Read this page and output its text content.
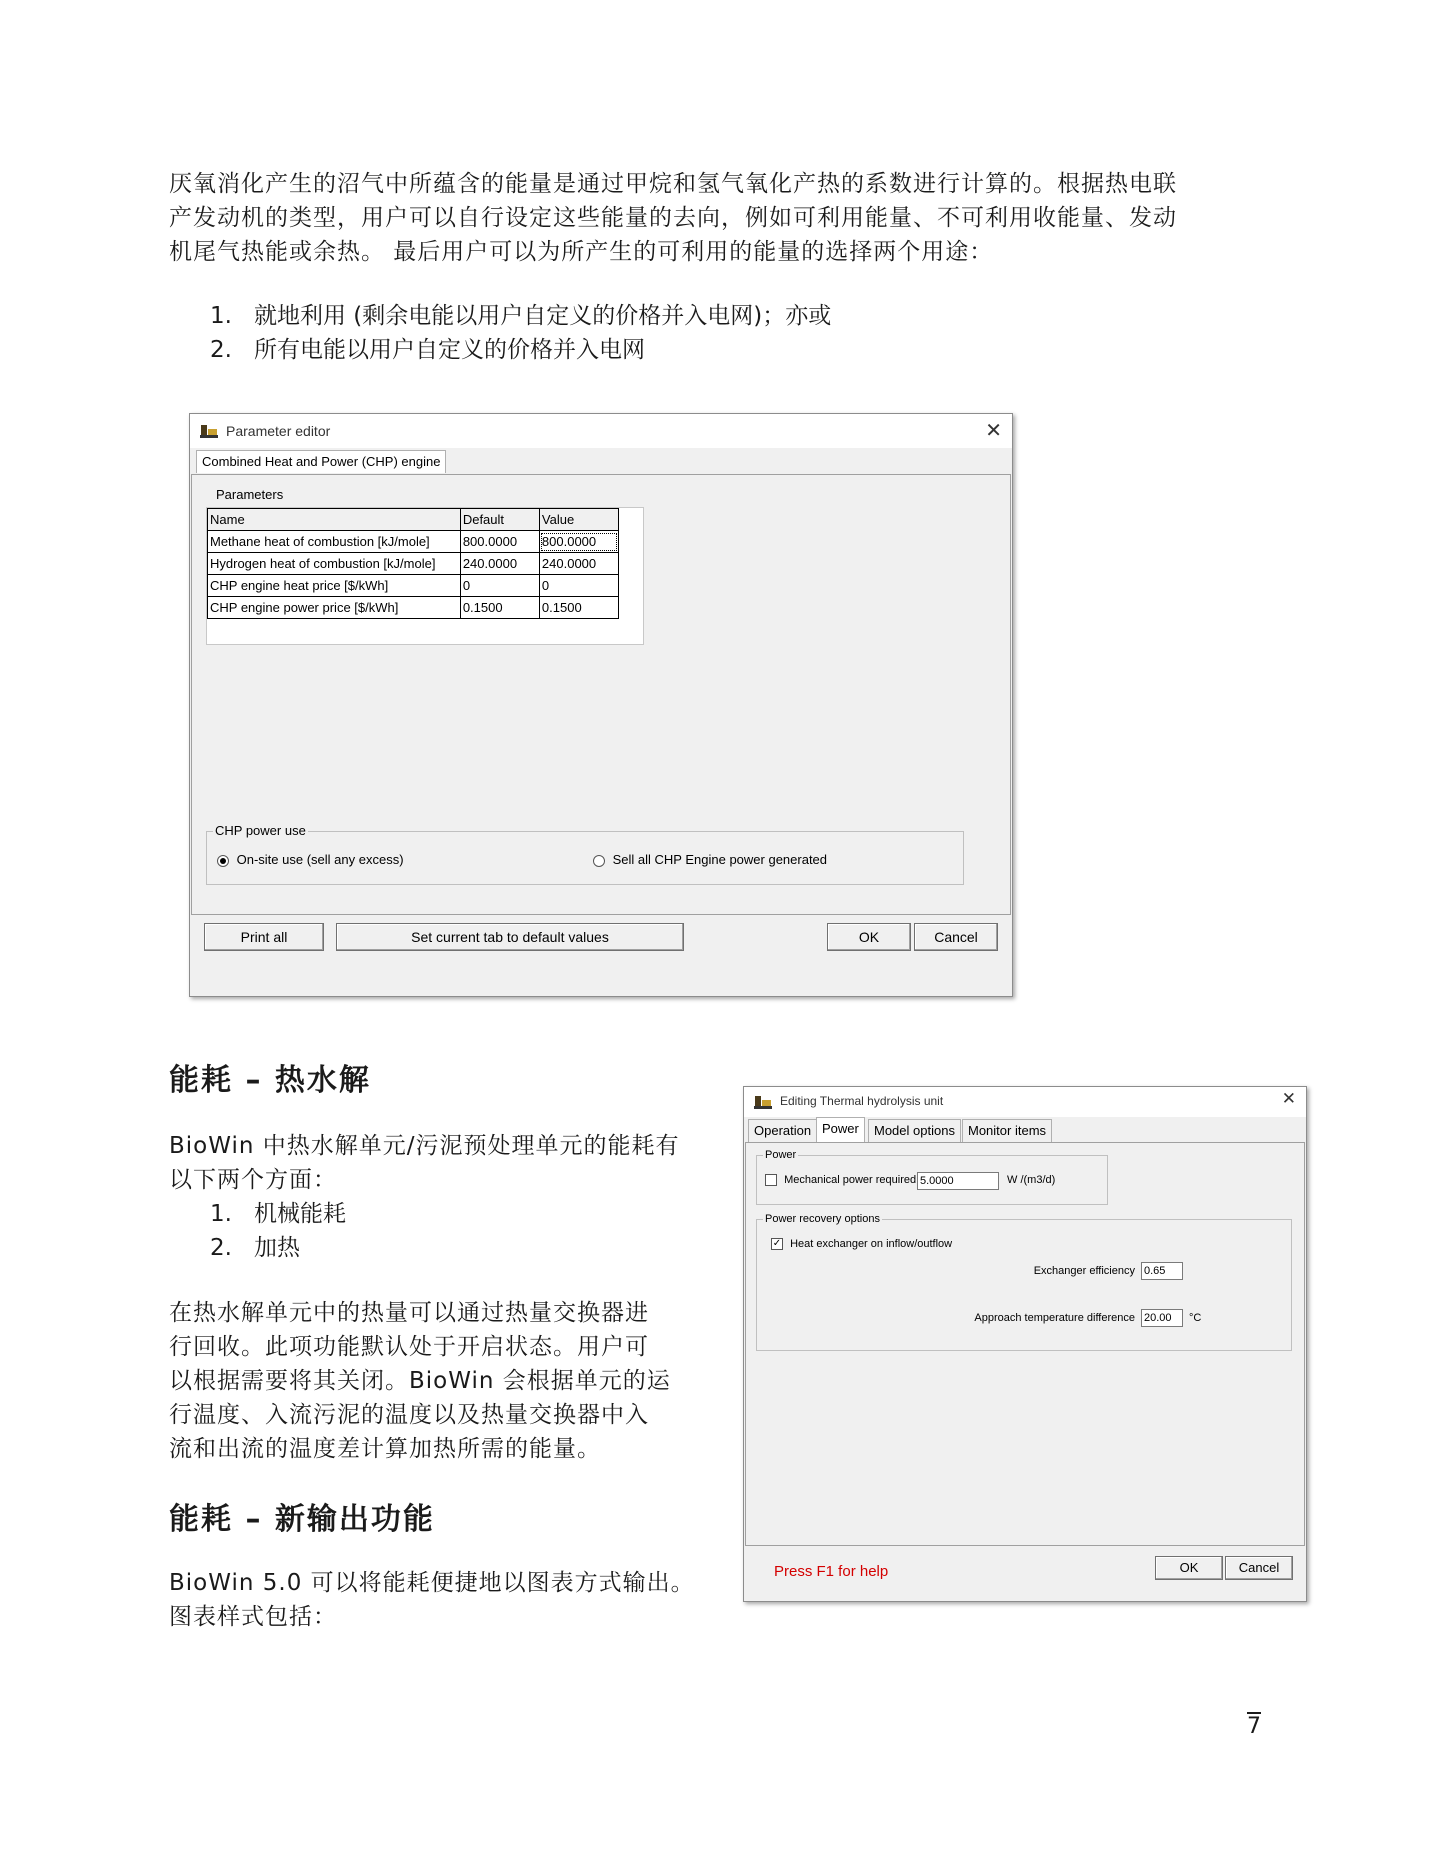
厌氧消化产生的沼气中所蕴含的能量是通过甲烷和氢气氧化产热的系数进行计算的。根据热电联
产发动机的类型，用户可以自行设定这些能量的去向，例如可利用能量、不可利用收能量、发动
机尾气热能或余热。 最后用户可以为所产生的可利用的能量的选择两个用途：
1. 就地利用 (剩余电能以用户自定义的价格并入电网)；亦或
2. 所有电能以用户自定义的价格并入电网
Parameter editor	✕
Combined Heat and Power (CHP) engine
Parameters
Name	Default	Value
Methane heat of combustion [kJ/mole]	800.0000	800.0000
Hydrogen heat of combustion [kJ/mole]	240.0000	240.0000
CHP engine heat price [$/kWh]	0	0
CHP engine power price [$/kWh]	0.1500	0.1500
CHP power use
On-site use (sell any excess)	Sell all CHP Engine power generated
Print all	Set current tab to default values	OK	Cancel
能耗 – 热水解
BioWin 中热水解单元/污泥预处理单元的能耗有
以下两个方面：
1. 机械能耗
2. 加热
在热水解单元中的热量可以通过热量交换器进
行回收。此项功能默认处于开启状态。用户可
以根据需要将其关闭。BioWin 会根据单元的运
行温度、入流污泥的温度以及热量交换器中入
流和出流的温度差计算加热所需的能量。
能耗 – 新输出功能
BioWin 5.0 可以将能耗便捷地以图表方式输出。
图表样式包括：
Editing Thermal hydrolysis unit	✕
Operation Power	Model options	Monitor items
Power
Mechanical power required 5.0000	W /(m3/d)
Power recovery options
✓ Heat exchanger on inflow/outflow
Exchanger efficiency 0.65
Approach temperature difference 20.00	°C
Press F1 for help	OK	Cancel
7
